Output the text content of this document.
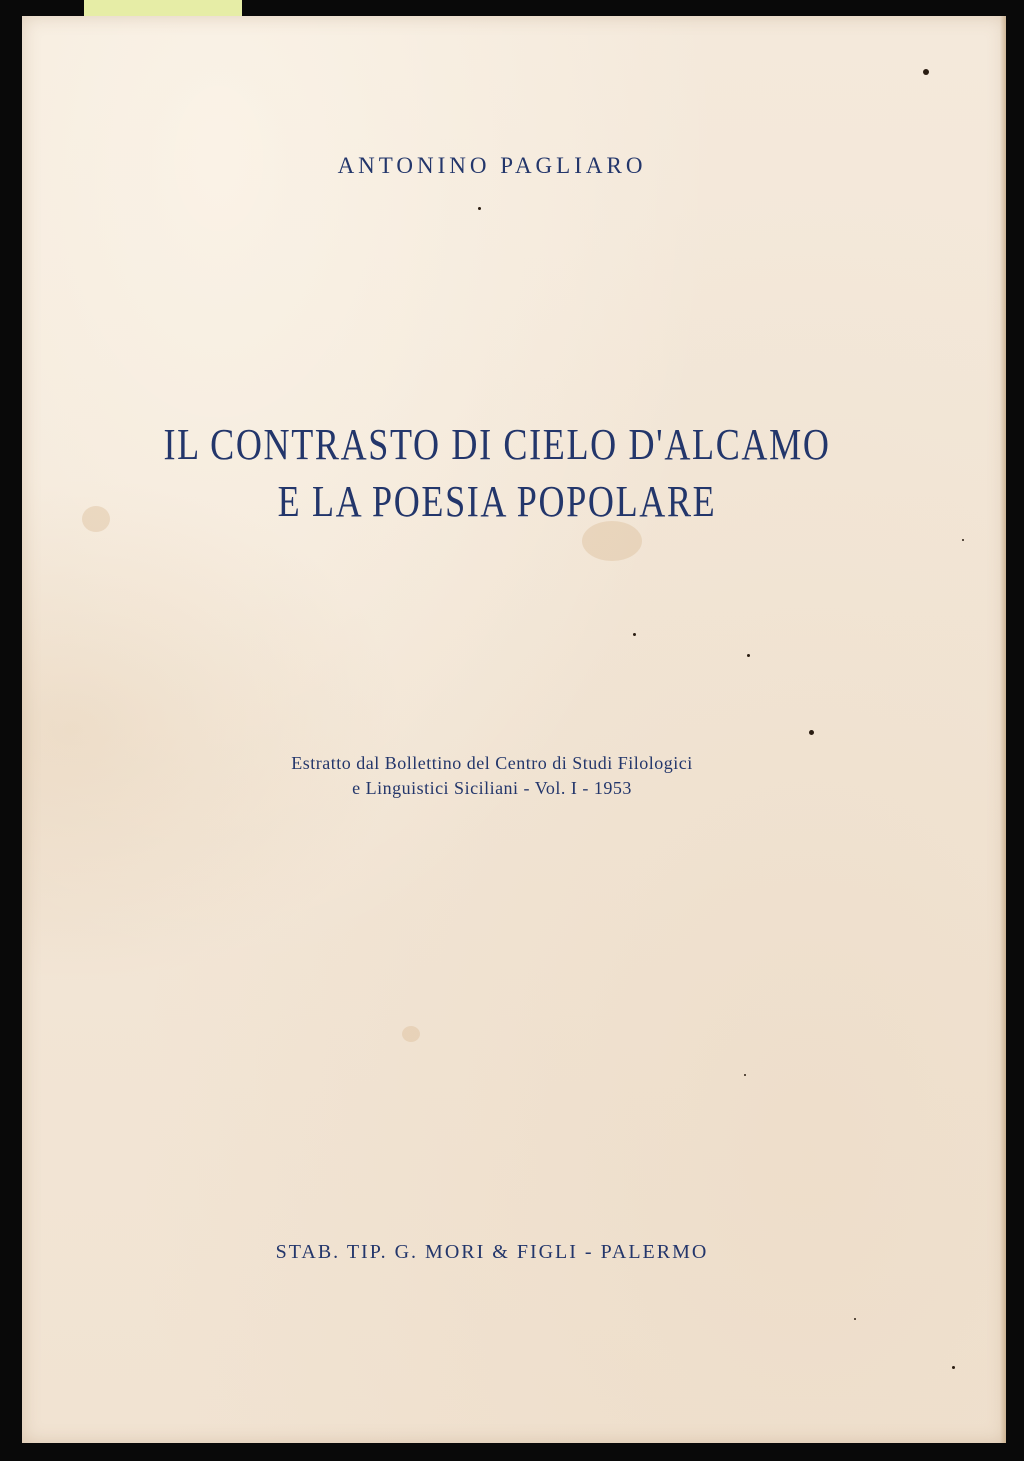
ANTONINO PAGLIARO
IL CONTRASTO DI CIELO D'ALCAMO
E LA POESIA POPOLARE
Estratto dal Bollettino del Centro di Studi Filologici
e Linguistici Siciliani - Vol. I - 1953
STAB. TIP. G. MORI & FIGLI - PALERMO
